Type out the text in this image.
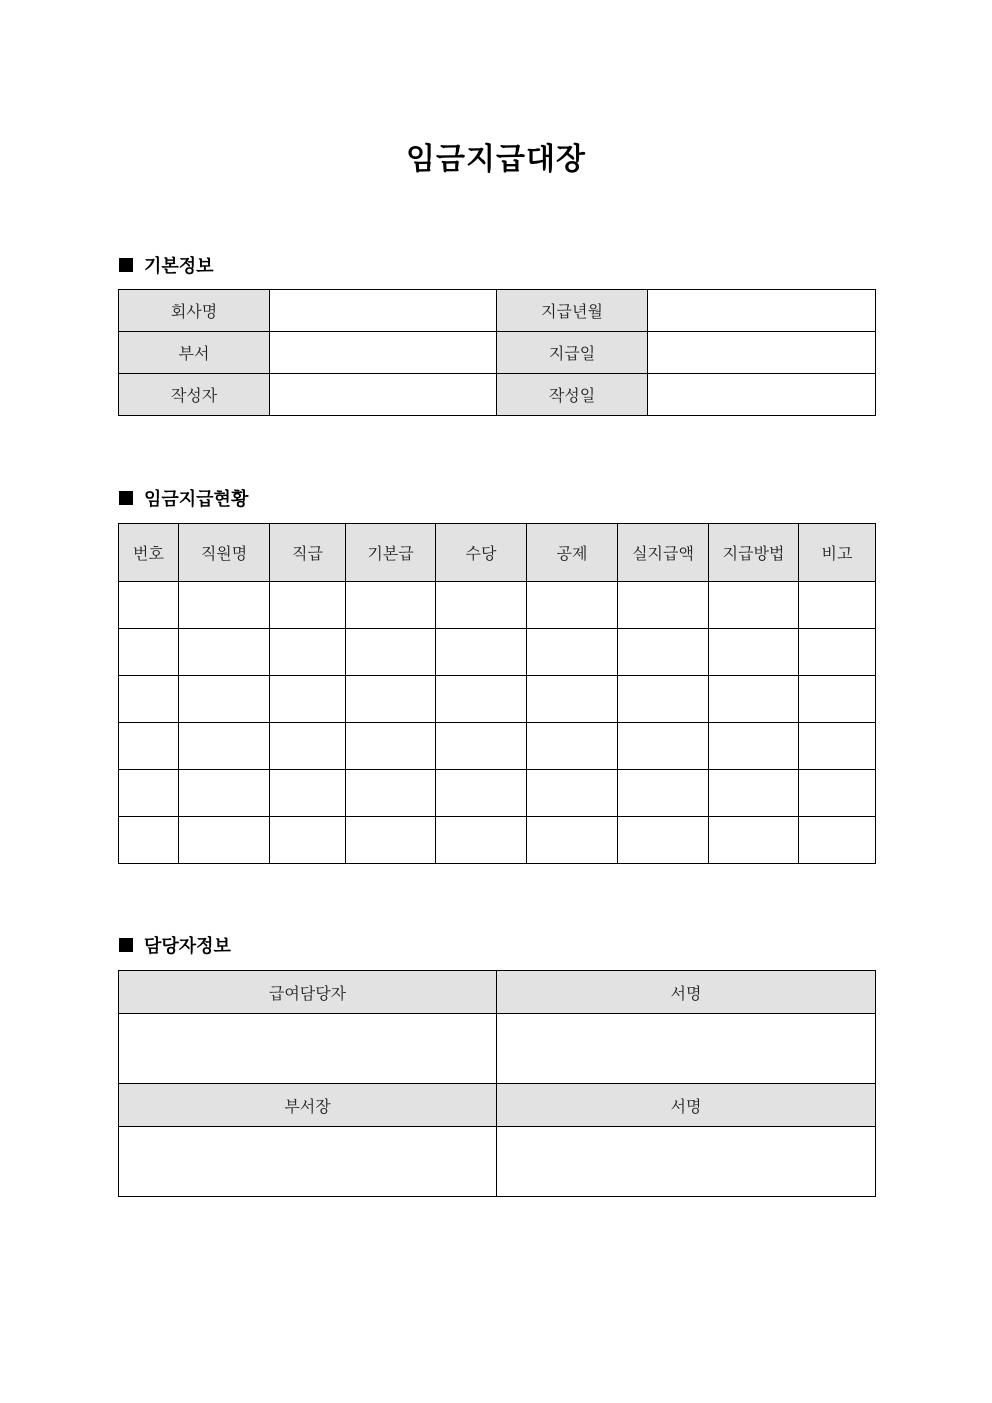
임금지급대장
기본정보
회사명		지급년월	
부서		지급일	
작성자		작성일	
임금지급현황
번호	직원명	직급	기본급	수당	공제	실지급액	지급방법	비고

담당자정보
급여담당자	서명

부서장	서명
